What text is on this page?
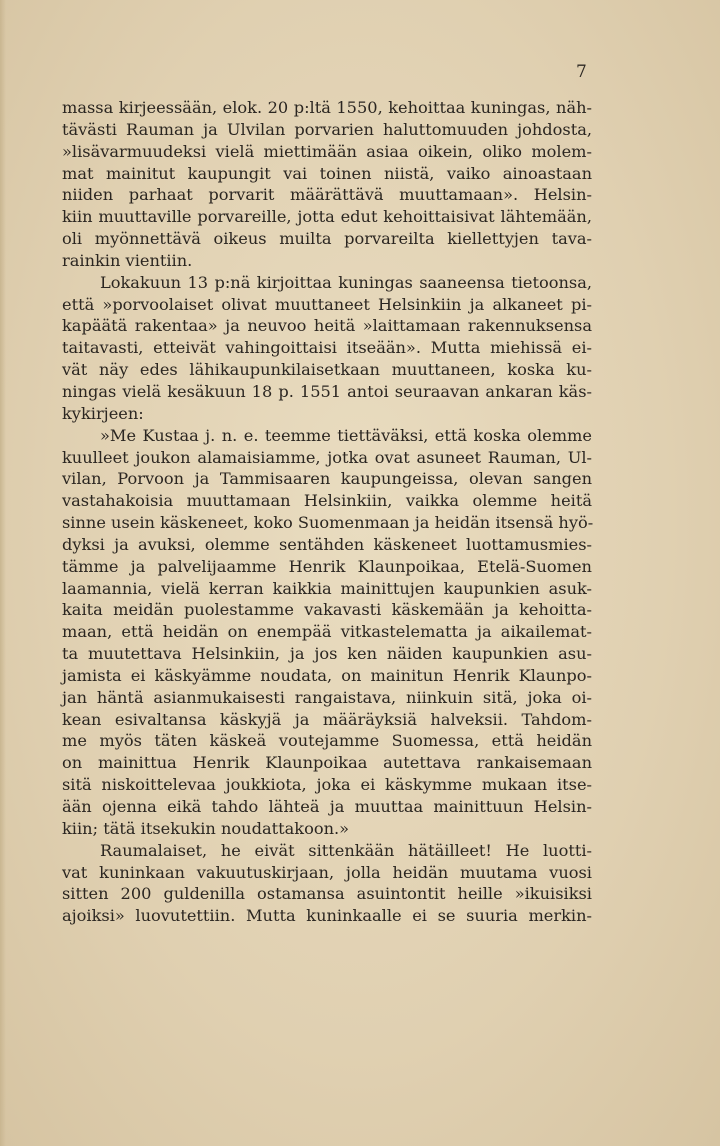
7
massa kirjeessään, elok. 20 p:ltä 1550, kehoittaa kuningas, näh-
tävästi Rauman ja Ulvilan porvarien haluttomuuden johdosta,
»lisävarmuudeksi vielä miettimään asiaa oikein, oliko molem-
mat mainitut kaupungit vai toinen niistä, vaiko ainoastaan
niiden parhaat porvarit määrättävä muuttamaan». Helsin-
kiin muuttaville porvareille, jotta edut kehoittaisivat lähtemään,
oli myönnettävä oikeus muilta porvareilta kiellettyjen tava-
rainkin vientiin.
Lokakuun 13 p:nä kirjoittaa kuningas saaneensa tietoonsa,
että »porvoolaiset olivat muuttaneet Helsinkiin ja alkaneet pi-
kapäätä rakentaa» ja neuvoo heitä »laittamaan rakennuksensa
taitavasti, etteivät vahingoittaisi itseään». Mutta miehissä ei-
vät näy edes lähikaupunkilaisetkaan muuttaneen, koska ku-
ningas vielä kesäkuun 18 p. 1551 antoi seuraavan ankaran käs-
kykirjeen:
»Me Kustaa j. n. e. teemme tiettäväksi, että koska olemme
kuulleet joukon alamaisiamme, jotka ovat asuneet Rauman, Ul-
vilan, Porvoon ja Tammisaaren kaupungeissa, olevan sangen
vastahakoisia muuttamaan Helsinkiin, vaikka olemme heitä
sinne usein käskeneet, koko Suomenmaan ja heidän itsensä hyö-
dyksi ja avuksi, olemme sentähden käskeneet luottamusmies-
tämme ja palvelijaamme Henrik Klaunpoikaa, Etelä-Suomen
laamannia, vielä kerran kaikkia mainittujen kaupunkien asuk-
kaita meidän puolestamme vakavasti käskemään ja kehoitta-
maan, että heidän on enempää vitkastelematta ja aikailemat-
ta muutettava Helsinkiin, ja jos ken näiden kaupunkien asu-
jamista ei käskyämme noudata, on mainitun Henrik Klaunpo-
jan häntä asianmukaisesti rangaistava, niinkuin sitä, joka oi-
kean esivaltansa käskyjä ja määräyksiä halveksii. Tahdom-
me myös täten käskeä voutejamme Suomessa, että heidän
on mainittua Henrik Klaunpoikaa autettava rankaisemaan
sitä niskoittelevaa joukkiota, joka ei käskymme mukaan itse-
ään ojenna eikä tahdo lähteä ja muuttaa mainittuun Helsin-
kiin; tätä itsekukin noudattakoon.»
Raumalaiset, he eivät sittenkään hätäilleet! He luotti-
vat kuninkaan vakuutuskirjaan, jolla heidän muutama vuosi
sitten 200 guldenilla ostamansa asuintontit heille »ikuisiksi
ajoiksi» luovutettiin. Mutta kuninkaalle ei se suuria merkin-
